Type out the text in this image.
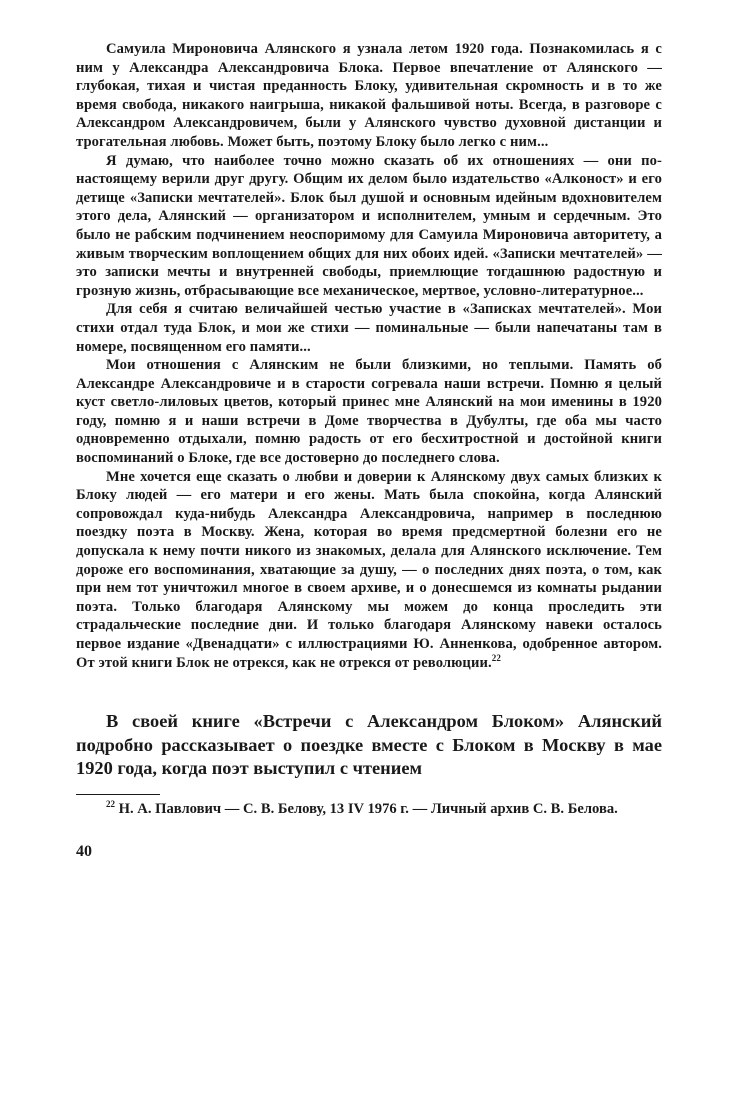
Самуила Мироновича Алянского я узнала летом 1920 года. Познакомилась я с ним у Александра Александровича Блока. Первое впечатление от Алянского — глубокая, тихая и чистая преданность Блоку, удивительная скромность и в то же время свобода, никакого наигрыша, никакой фальшивой ноты. Всегда, в разговоре с Александром Александровичем, были у Алянского чувство духовной дистанции и трогательная любовь. Может быть, поэтому Блоку было легко с ним...

Я думаю, что наиболее точно можно сказать об их отношениях — они по-настоящему верили друг другу. Общим их делом было издательство «Алконост» и его детище «Записки мечтателей». Блок был душой и основным идейным вдохновителем этого дела, Алянский — организатором и исполнителем, умным и сердечным. Это было не рабским подчинением неоспоримому для Самуила Мироновича авторитету, а живым творческим воплощением общих для них обоих идей. «Записки мечтателей» — это записки мечты и внутренней свободы, приемлющие тогдашнюю радостную и грозную жизнь, отбрасывающие все механическое, мертвое, условно-литературное...

Для себя я считаю величайшей честью участие в «Записках мечтателей». Мои стихи отдал туда Блок, и мои же стихи — поминальные — были напечатаны там в номере, посвященном его памяти...

Мои отношения с Алянским не были близкими, но теплыми. Память об Александре Александровиче и в старости согревала наши встречи. Помню я целый куст светло-лиловых цветов, который принес мне Алянский на мои именины в 1920 году, помню я и наши встречи в Доме творчества в Дубулты, где оба мы часто одновременно отдыхали, помню радость от его бесхитростной и достойной книги воспоминаний о Блоке, где все достоверно до последнего слова.

Мне хочется еще сказать о любви и доверии к Алянскому двух самых близких к Блоку людей — его матери и его жены. Мать была спокойна, когда Алянский сопровождал куда-нибудь Александра Александровича, например в последнюю поездку поэта в Москву. Жена, которая во время предсмертной болезни его не допускала к нему почти никого из знакомых, делала для Алянского исключение. Тем дороже его воспоминания, хватающие за душу, — о последних днях поэта, о том, как при нем тот уничтожил многое в своем архиве, и о донесшемся из комнаты рыдании поэта. Только благодаря Алянскому мы можем до конца проследить эти страдальческие последние дни. И только благодаря Алянскому навеки осталось первое издание «Двенадцати» с иллюстрациями Ю. Анненкова, одобренное автором. От этой книги Блок не отрекся, как не отрекся от революции.$^{22}$

В своей книге «Встречи с Александром Блоком» Алянский подробно рассказывает о поездке вместе с Блоком в Москву в мае 1920 года, когда поэт выступил с чтением

$^{22}$ Н. А. Павлович — С. В. Белову, 13 IV 1976 г. — Личный архив С. В. Белова.

40
